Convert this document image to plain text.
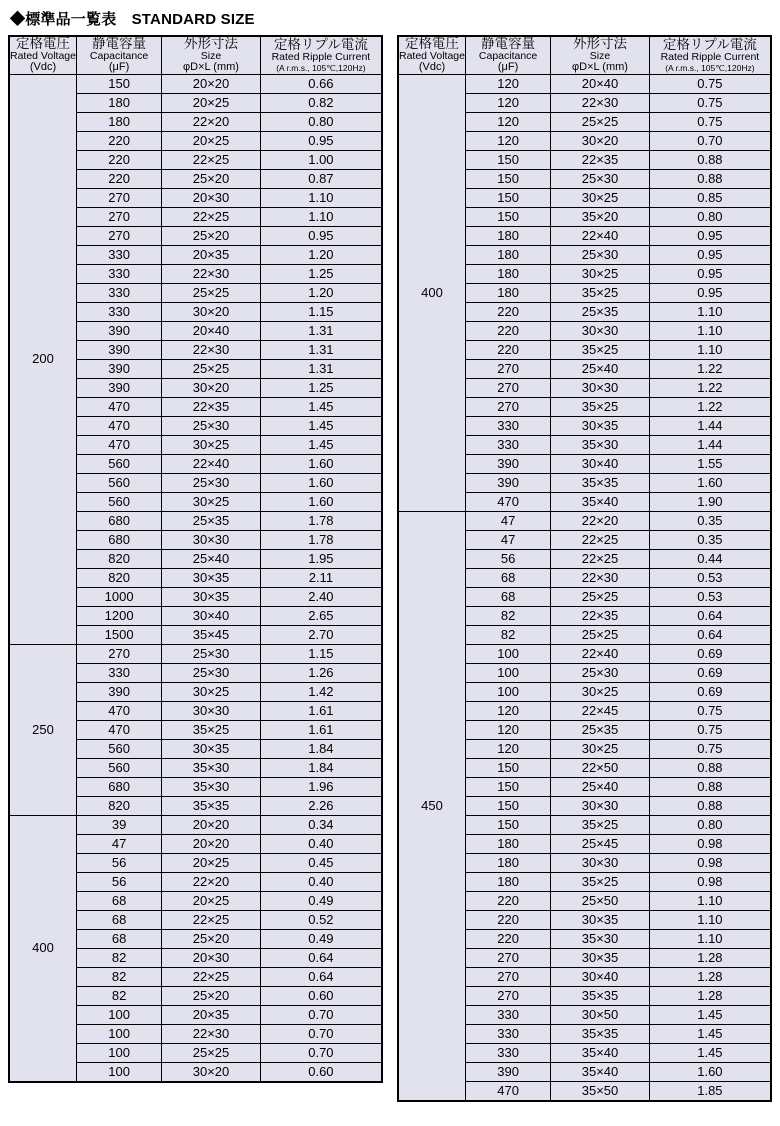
◆標準品一覧表　STANDARD SIZE
定格電圧
Rated Voltage
(Vdc)	静電容量
Capacitance
(μF)	外形寸法
Size
φD×L (mm)	定格リプル電流
Rated Ripple Current
(A r.m.s., 105℃,120Hz)

200	150	20×20	0.66
	180	20×25	0.82
	180	22×20	0.80
	220	20×25	0.95
	220	22×25	1.00
	220	25×20	0.87
	270	20×30	1.10
	270	22×25	1.10
	270	25×20	0.95
	330	20×35	1.20
	330	22×30	1.25
	330	25×25	1.20
	330	30×20	1.15
	390	20×40	1.31
	390	22×30	1.31
	390	25×25	1.31
	390	30×20	1.25
	470	22×35	1.45
	470	25×30	1.45
	470	30×25	1.45
	560	22×40	1.60
	560	25×30	1.60
	560	30×25	1.60
	680	25×35	1.78
	680	30×30	1.78
	820	25×40	1.95
	820	30×35	2.11
	1000	30×35	2.40
	1200	30×40	2.65
	1500	35×45	2.70
250	270	25×30	1.15
	330	25×30	1.26
	390	30×25	1.42
	470	30×30	1.61
	470	35×25	1.61
	560	30×35	1.84
	560	35×30	1.84
	680	35×30	1.96
	820	35×35	2.26
400	39	20×20	0.34
	47	20×20	0.40
	56	20×25	0.45
	56	22×20	0.40
	68	20×25	0.49
	68	22×25	0.52
	68	25×20	0.49
	82	20×30	0.64
	82	22×25	0.64
	82	25×20	0.60
	100	20×35	0.70
	100	22×30	0.70
	100	25×25	0.70
	100	30×20	0.60
定格電圧
Rated Voltage
(Vdc)	静電容量
Capacitance
(μF)	外形寸法
Size
φD×L (mm)	定格リプル電流
Rated Ripple Current
(A r.m.s., 105℃,120Hz)

400	120	20×40	0.75
	120	22×30	0.75
	120	25×25	0.75
	120	30×20	0.70
	150	22×35	0.88
	150	25×30	0.88
	150	30×25	0.85
	150	35×20	0.80
	180	22×40	0.95
	180	25×30	0.95
	180	30×25	0.95
	180	35×25	0.95
	220	25×35	1.10
	220	30×30	1.10
	220	35×25	1.10
	270	25×40	1.22
	270	30×30	1.22
	270	35×25	1.22
	330	30×35	1.44
	330	35×30	1.44
	390	30×40	1.55
	390	35×35	1.60
	470	35×40	1.90
450	47	22×20	0.35
	47	22×25	0.35
	56	22×25	0.44
	68	22×30	0.53
	68	25×25	0.53
	82	22×35	0.64
	82	25×25	0.64
	100	22×40	0.69
	100	25×30	0.69
	100	30×25	0.69
	120	22×45	0.75
	120	25×35	0.75
	120	30×25	0.75
	150	22×50	0.88
	150	25×40	0.88
	150	30×30	0.88
	150	35×25	0.80
	180	25×45	0.98
	180	30×30	0.98
	180	35×25	0.98
	220	25×50	1.10
	220	30×35	1.10
	220	35×30	1.10
	270	30×35	1.28
	270	30×40	1.28
	270	35×35	1.28
	330	30×50	1.45
	330	35×35	1.45
	330	35×40	1.45
	390	35×40	1.60
	470	35×50	1.85
